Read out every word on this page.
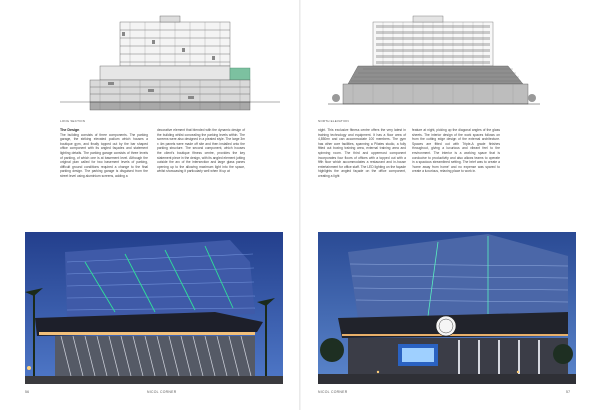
LONG SECTION	NORTH ELEVATION
The Design

The building consists of three components. The parking garage, the striking elevated podium which houses a boutique gym, and finally topped out by the bar shaped office component with its angled façades and statement lighting details. The parking garage consists of three levels of parking, of which one is at basement level. Although the original plan called for two basement levels of parking, difficult ground conditions required a change to the final parking design. The parking garage is disguised from the street level using aluminium screens, adding a

decorative element that blended with the dynamic design of the building whilst concealing the parking levels within. The screens were also designed in a pleated style. The large 3m x 4m panels were made off site and then installed onto the parking structure. The second component, which houses the client's boutique fitness centre, provides the key statement piece in the design, with its angled element jutting outside the arc of the intersection and large glass panes opening up to the allowing maximum light into the space, whilst showcasing it particularly well when lit up at

night. This exclusive fitness centre offers the very latest in training technology and equipment. It has a floor area of 4,850m² and can accommodate 100 members. The gym has other core facilities, spanning a Pilates studio, a fully fitted out boxing training area, external training area and spinning room. The third and uppermost component incorporates four floors of offices with a topped out with a fifth floor which accommodates a restaurant and in-house entertainment for office staff. The LED lighting on the façade highlights the angled façade on the office component, creating a light

feature at night, picking up the diagonal angles of the glass sheets. The interior design of the work spaces follows on from the cutting edge design of the external architecture. Spaces are fitted out with Triple-A grade finishes throughout, giving a luxurious and vibrant feel to the environment. The interior is a working space that is conducive to productivity and also allows teams to operate in a spacious streamlined setting. The brief was to create a 'home away from home' and no expense was spared to create a luxurious, relaxing place to work in.

56	NICOL CORNER	NICOL CORNER	57
